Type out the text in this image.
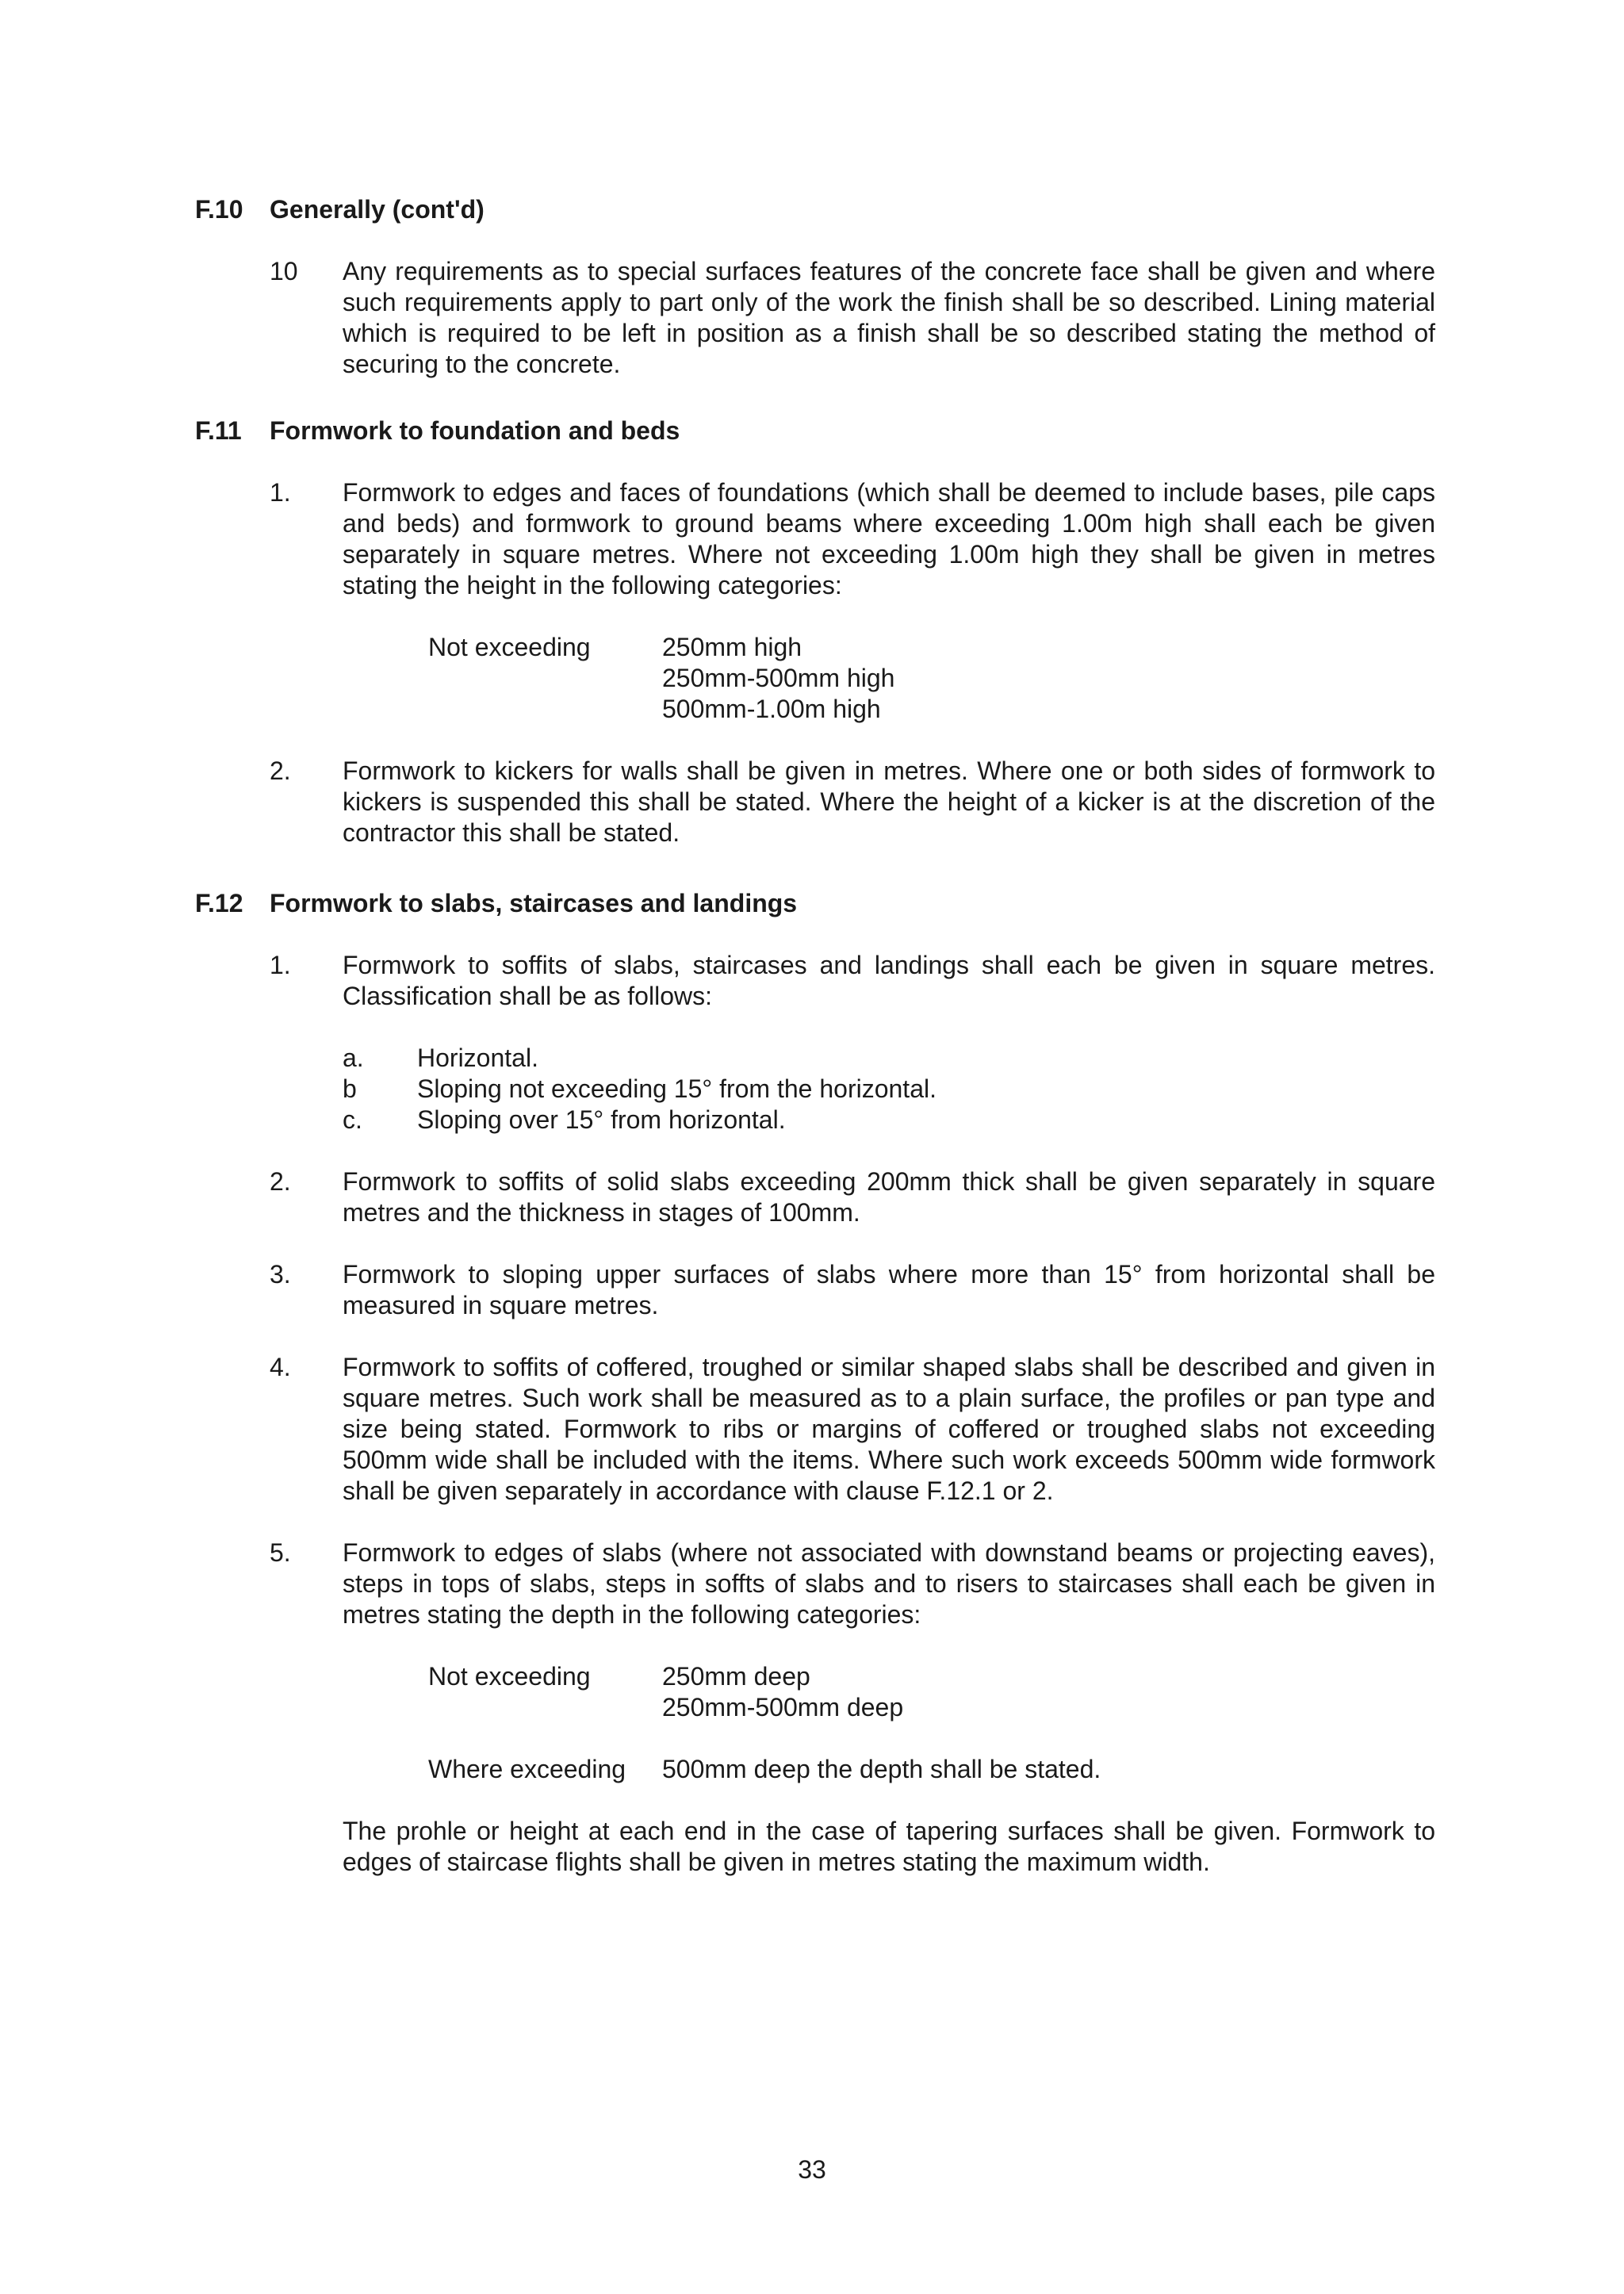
F.10	Generally (cont'd)
10	Any requirements as to special surfaces features of the concrete face shall be given and where such requirements apply to part only of the work the finish shall be so described. Lining material which is required to be left in position as a finish shall be so described stating the method of securing to the concrete.
F.11	Formwork to foundation and beds
1.	Formwork to edges and faces of foundations (which shall be deemed to include bases, pile caps and beds) and formwork to ground beams where exceeding 1.00m high shall each be given separately in square metres. Where not exceeding 1.00m high they shall be given in metres stating the height in the following categories:
Not exceeding	250mm high
250mm-500mm high
500mm-1.00m high
2.	Formwork to kickers for walls shall be given in metres. Where one or both sides of formwork to kickers is suspended this shall be stated. Where the height of a kicker is at the discretion of the contractor this shall be stated.
F.12	Formwork to slabs, staircases and landings
1.	Formwork to soffits of slabs, staircases and landings shall each be given in square metres. Classification shall be as follows:
a.	Horizontal.
b	Sloping not exceeding 15° from the horizontal.
c.	Sloping over 15° from horizontal.
2.	Formwork to soffits of solid slabs exceeding 200mm thick shall be given separately in square metres and the thickness in stages of 100mm.
3.	Formwork to sloping upper surfaces of slabs where more than 15° from horizontal shall be measured in square metres.
4.	Formwork to soffits of coffered, troughed or similar shaped slabs shall be described and given in square metres. Such work shall be measured as to a plain surface, the profiles or pan type and size being stated. Formwork to ribs or margins of coffered or troughed slabs not exceeding 500mm wide shall be included with the items. Where such work exceeds 500mm wide formwork shall be given separately in accordance with clause F.12.1 or 2.
5.	Formwork to edges of slabs (where not associated with downstand beams or projecting eaves), steps in tops of slabs, steps in soffts of slabs and to risers to staircases shall each be given in metres stating the depth in the following categories:
Not exceeding	250mm deep
250mm-500mm deep
Where exceeding	500mm deep the depth shall be stated.
The prohle or height at each end in the case of tapering surfaces shall be given. Formwork to edges of staircase flights shall be given in metres stating the maximum width.
33
